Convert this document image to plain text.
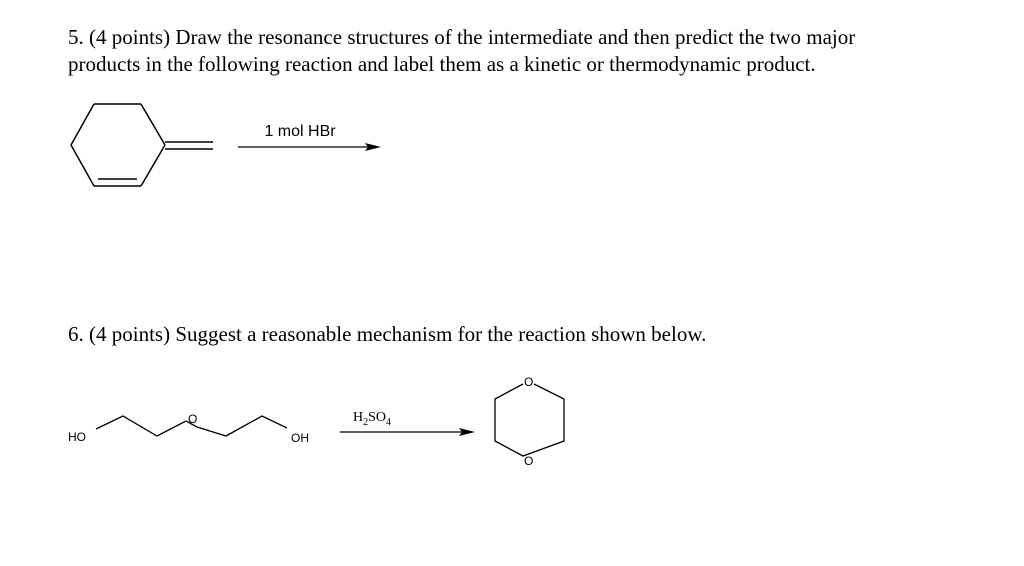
5. (4 points) Draw the resonance structures of the intermediate and then predict the two major
products in the following reaction and label them as a kinetic or thermodynamic product.
1 mol HBr
6. (4 points) Suggest a reasonable mechanism for the reaction shown below.
HO
O
OH
$H_2SO_4$
O
O
